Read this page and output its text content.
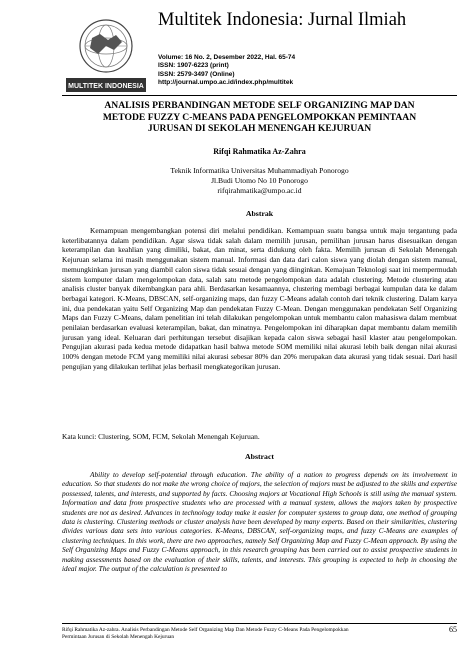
MULTITEK INDONESIA
Multitek Indonesia: Jurnal Ilmiah
Volume: 16 No. 2, Desember 2022, Hal. 65-74
ISSN: 1907-6223 (print)
ISSN: 2579-3497 (Online)
http://journal.umpo.ac.id/index.php/multitek
ANALISIS PERBANDINGAN METODE SELF ORGANIZING MAP DAN
METODE FUZZY C-MEANS PADA PENGELOMPOKKAN PEMINTAAN
JURUSAN DI SEKOLAH MENENGAH KEJURUAN
Rifqi Rahmatika Az-Zahra
Teknik Informatika Universitas Muhammadiyah Ponorogo
Jl.Budi Utomo No 10 Ponorogo
rifqirahmatika@umpo.ac.id
Abstrak
Kemampuan mengembangkan potensi diri melalui pendidikan. Kemampuan suatu bangsa untuk maju tergantung pada keterlibatannya dalam pendidikan. Agar siswa tidak salah dalam memilih jurusan, pemilihan jurusan harus disesuaikan dengan keterampilan dan keahlian yang dimiliki, bakat, dan minat, serta didukung oleh fakta. Memilih jurusan di Sekolah Menengah Kejuruan selama ini masih menggunakan sistem manual. Informasi dan data dari calon siswa yang diolah dengan sistem manual, memungkinkan jurusan yang diambil calon siswa tidak sesuai dengan yang diinginkan. Kemajuan Teknologi saat ini mempermudah sistem komputer dalam mengelompokan data, salah satu metode pengelompokan data adalah clustering. Metode clustering atau analisis cluster banyak dikembangkan para ahli. Berdasarkan kesamaannya, clustering membagi berbagai kumpulan data ke dalam berbagai kategori. K-Means, DBSCAN, self-organizing maps, dan fuzzy C-Means adalah contoh dari teknik clustering. Dalam karya ini, dua pendekatan yaitu Self Organizing Map dan pendekatan Fuzzy C-Mean. Dengan menggunakan pendekatan Self Organizing Maps dan Fuzzy C-Means, dalam penelitian ini telah dilakukan pengelompokan untuk membantu calon mahasiswa dalam membuat penilaian berdasarkan evaluasi keterampilan, bakat, dan minatnya. Pengelompokan ini diharapkan dapat membantu dalam memilih jurusan yang ideal. Keluaran dari perhitungan tersebut disajikan kepada calon siswa sebagai hasil klaster atau pengelompokan. Pengujian akurasi pada kedua metode didapatkan hasil bahwa metode SOM memiliki nilai akurasi lebih baik dengan nilai akurasi 100% dengan metode FCM yang memiliki nilai akurasi sebesar 80% dan 20% merupakan data akurasi yang tidak sesuai. Dari hasil pengujian yang dilakukan terlihat jelas berhasil mengkategorikan jurusan.
Kata kunci: Clustering, SOM, FCM, Sekolah Menengah Kejuruan.
Abstract
Ability to develop self-potential through education. The ability of a nation to progress depends on its involvement in education. So that students do not make the wrong choice of majors, the selection of majors must be adjusted to the skills and expertise possessed, talents, and interests, and supported by facts. Choosing majors at Vocational High Schools is still using the manual system. Information and data from prospective students who are processed with a manual system, allows the majors taken by prospective students are not as desired. Advances in technology today make it easier for computer systems to group data, one method of grouping data is clustering. Clustering methods or cluster analysis have been developed by many experts. Based on their similarities, clustering divides various data sets into various categories. K-Means, DBSCAN, self-organizing maps, and fuzzy C-Means are examples of clustering techniques. In this work, there are two approaches, namely Self Organizing Map and Fuzzy C-Mean approach. By using the Self Organizing Maps and Fuzzy C-Means approach, in this research grouping has been carried out to assist prospective students in making assessments based on the evaluation of their skills, talents, and interests. This grouping is expected to help in choosing the ideal major. The output of the calculation is presented to
Rifqi Rahmatika Az-zahra. Analisis Perbandingan Metode Self Organizing Map Dan Metode Fuzzy C-Means Pada Pengelompokkan
Permintaan Jurusan di Sekolah Menengah Kejuruan
65
